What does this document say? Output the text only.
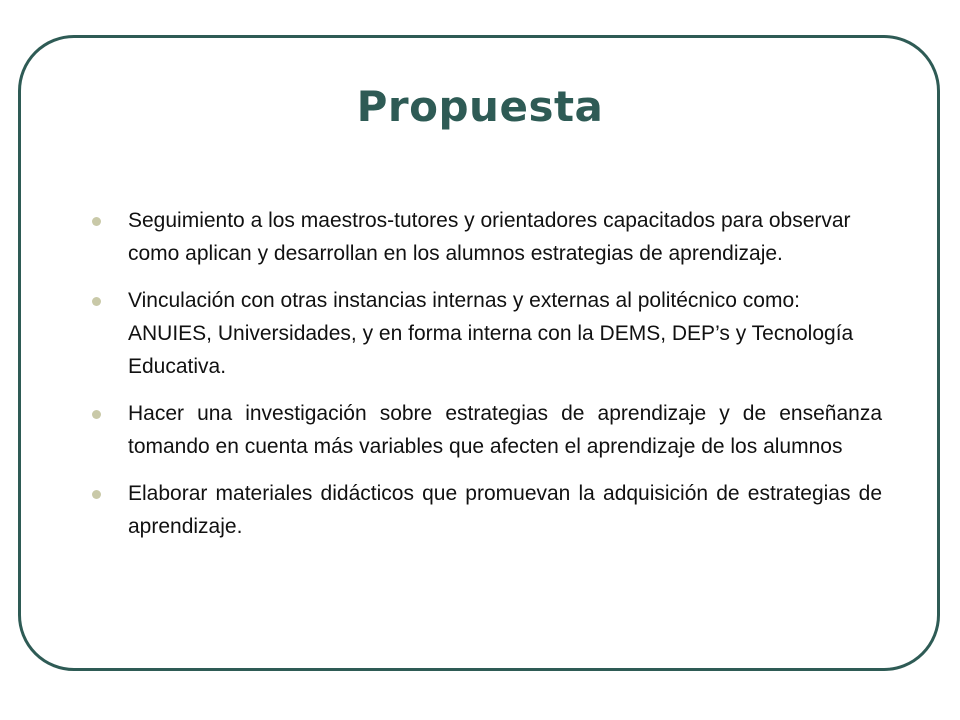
Propuesta
Seguimiento a los maestros-tutores y orientadores capacitados para observar como aplican y desarrollan en los alumnos estrategias de aprendizaje.
Vinculación con otras instancias internas y externas al politécnico como: ANUIES, Universidades, y en forma interna con la DEMS, DEP’s y Tecnología Educativa.
Hacer una investigación sobre estrategias de aprendizaje y de enseñanza tomando en cuenta más variables que afecten el aprendizaje de los alumnos
Elaborar materiales didácticos que promuevan la adquisición de estrategias de aprendizaje.
